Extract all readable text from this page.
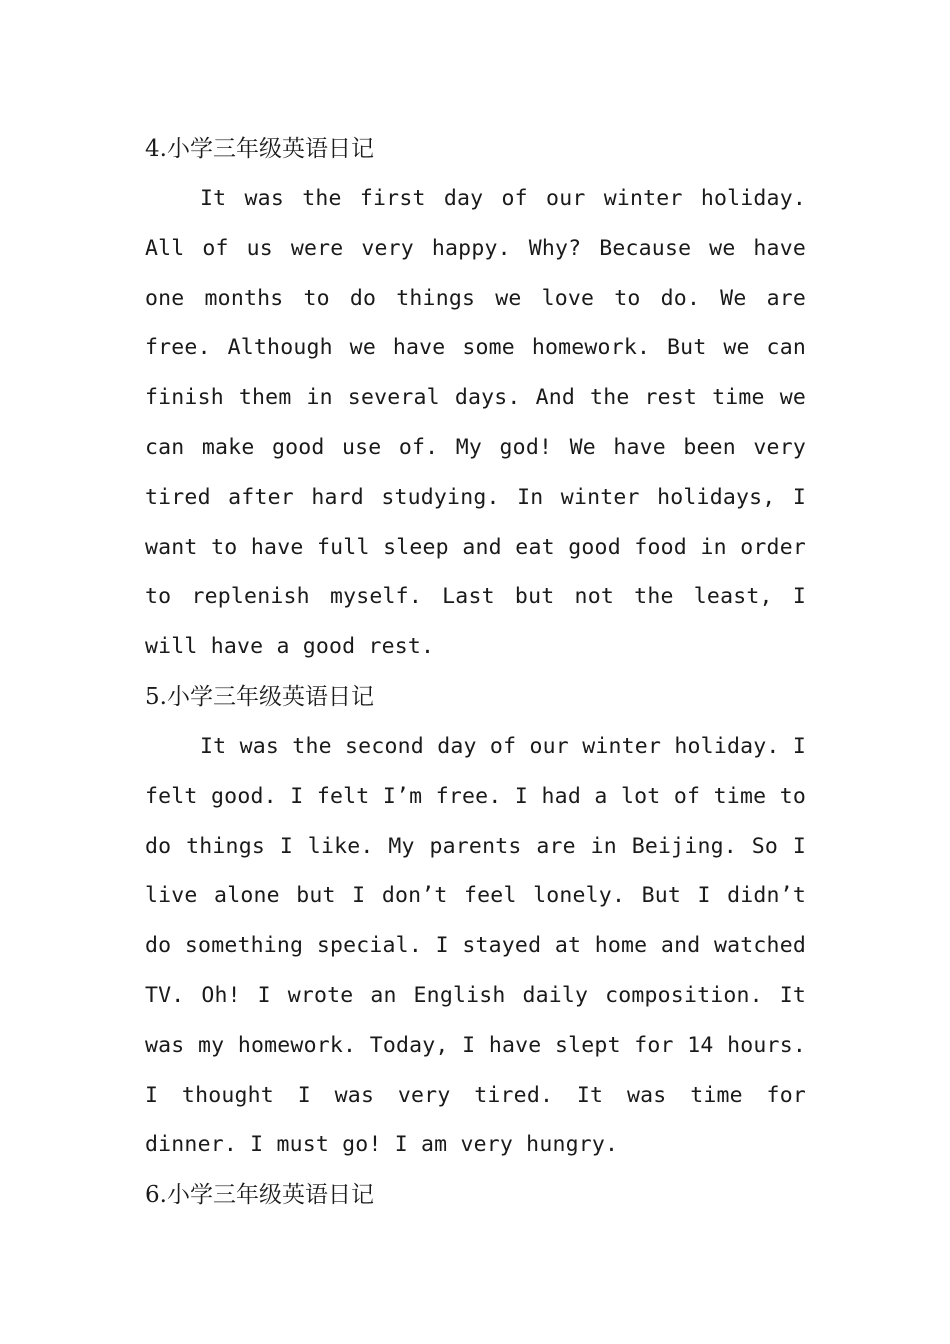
4.小学三年级英语日记

It was the first day of our winter holiday. All of us were very happy. Why? Because we have one months to do things we love to do. We are free. Although we have some homework. But we can finish them in several days. And the rest time we can make good use of. My god! We have been very tired after hard studying. In winter holidays, I want to have full sleep and eat good food in order to replenish myself. Last but not the least, I will have a good rest.

5.小学三年级英语日记

It was the second day of our winter holiday. I felt good. I felt I’m free. I had a lot of time to do things I like. My parents are in Beijing. So I live alone but I don’t feel lonely. But I didn’t do something special. I stayed at home and watched TV. Oh! I wrote an English daily composition. It was my homework. Today, I have slept for 14 hours. I thought I was very tired. It was time for dinner. I must go! I am very hungry.

6.小学三年级英语日记
